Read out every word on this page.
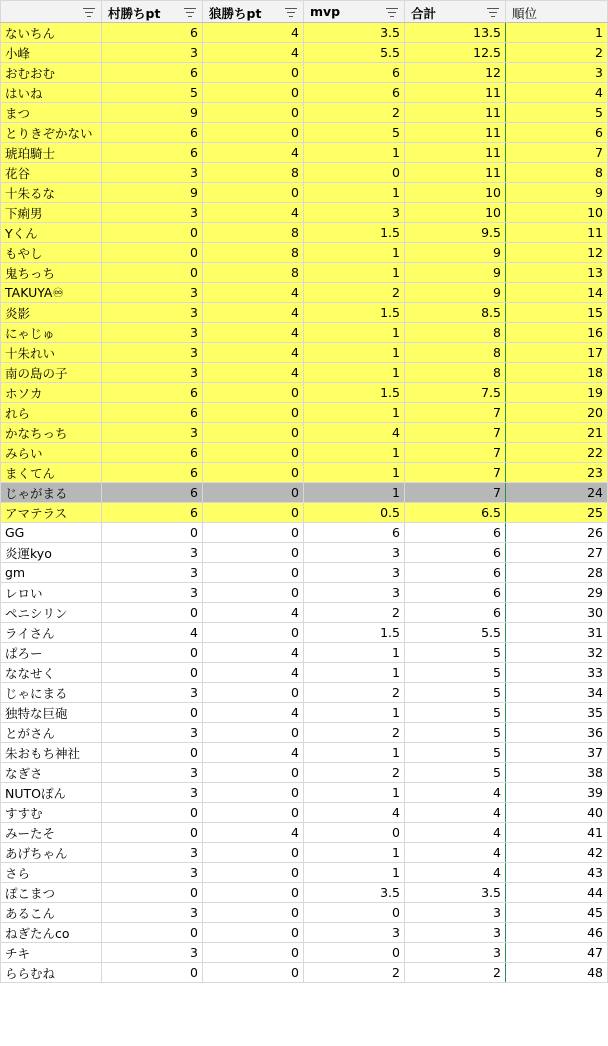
	村勝ちpt	狼勝ちpt	mvp	合計	順位

ないちん	6	4	3.5	13.5	1
小峰	3	4	5.5	12.5	2
おむおむ	6	0	6	12	3
はいね	5	0	6	11	4
まつ	9	0	2	11	5
とりきぞかない	6	0	5	11	6
琥珀騎士	6	4	1	11	7
花谷	3	8	0	11	8
十朱るな	9	0	1	10	9
下痢男	3	4	3	10	10
Yくん	0	8	1.5	9.5	11
もやし	0	8	1	9	12
鬼ちっち	0	8	1	9	13
TAKUYA♾	3	4	2	9	14
炎影	3	4	1.5	8.5	15
にゃじゅ	3	4	1	8	16
十朱れい	3	4	1	8	17
南の島の子	3	4	1	8	18
ホソカ	6	0	1.5	7.5	19
れら	6	0	1	7	20
かなちっち	3	0	4	7	21
みらい	6	0	1	7	22
まくてん	6	0	1	7	23
じゃがまる	6	0	1	7	24
アマテラス	6	0	0.5	6.5	25
GG	0	0	6	6	26
炎運kyo	3	0	3	6	27
gm	3	0	3	6	28
レロい	3	0	3	6	29
ペニシリン	0	4	2	6	30
ライさん	4	0	1.5	5.5	31
ぱろー	0	4	1	5	32
ななせく	0	4	1	5	33
じゃにまる	3	0	2	5	34
独特な巨砲	0	4	1	5	35
とがさん	3	0	2	5	36
朱おもち神社	0	4	1	5	37
なぎさ	3	0	2	5	38
NUTOぽん	3	0	1	4	39
すすむ	0	0	4	4	40
みーたそ	0	4	0	4	41
あげちゃん	3	0	1	4	42
さら	3	0	1	4	43
ぽこまつ	0	0	3.5	3.5	44
あるこん	3	0	0	3	45
ねぎたんco	0	0	3	3	46
チキ	3	0	0	3	47
ららむね	0	0	2	2	48
